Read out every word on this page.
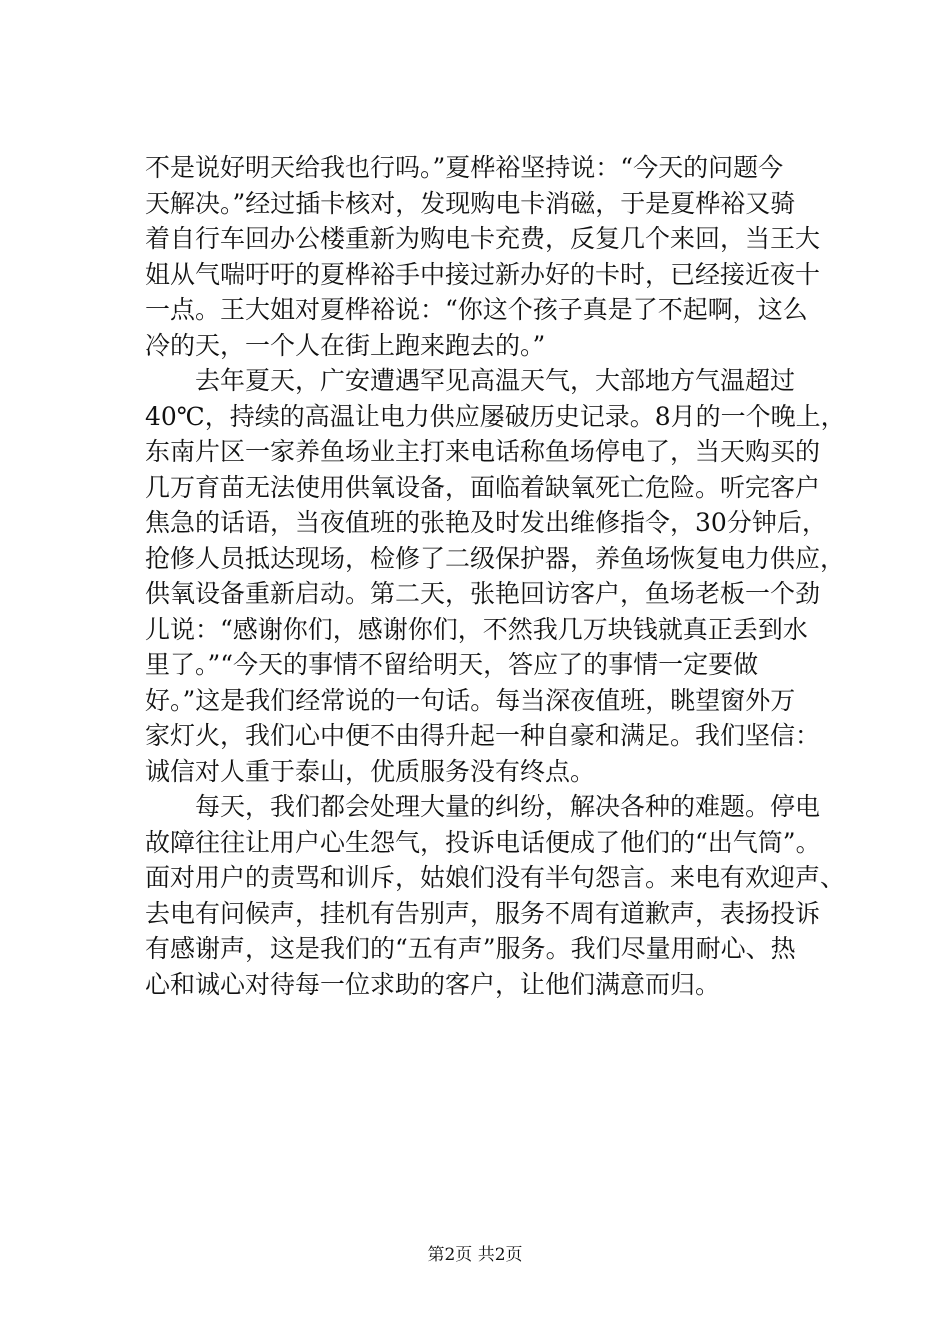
不是说好明天给我也行吗。”夏桦裕坚持说：“今天的问题今
天解决。”经过插卡核对，发现购电卡消磁，于是夏桦裕又骑
着自行车回办公楼重新为购电卡充费，反复几个来回，当王大
姐从气喘吁吁的夏桦裕手中接过新办好的卡时，已经接近夜十
一点。王大姐对夏桦裕说：“你这个孩子真是了不起啊，这么
冷的天，一个人在街上跑来跑去的。”
　　去年夏天，广安遭遇罕见高温天气，大部地方气温超过
40℃，持续的高温让电力供应屡破历史记录。8月的一个晚上，
东南片区一家养鱼场业主打来电话称鱼场停电了，当天购买的
几万育苗无法使用供氧设备，面临着缺氧死亡危险。听完客户
焦急的话语，当夜值班的张艳及时发出维修指令，30分钟后，
抢修人员抵达现场，检修了二级保护器，养鱼场恢复电力供应，
供氧设备重新启动。第二天，张艳回访客户，鱼场老板一个劲
儿说：“感谢你们，感谢你们，不然我几万块钱就真正丢到水
里了。”“今天的事情不留给明天，答应了的事情一定要做
好。”这是我们经常说的一句话。每当深夜值班，眺望窗外万
家灯火，我们心中便不由得升起一种自豪和满足。我们坚信：
诚信对人重于泰山，优质服务没有终点。
　　每天，我们都会处理大量的纠纷，解决各种的难题。停电
故障往往让用户心生怨气，投诉电话便成了他们的“出气筒”。
面对用户的责骂和训斥，姑娘们没有半句怨言。来电有欢迎声、
去电有问候声，挂机有告别声，服务不周有道歉声，表扬投诉
有感谢声，这是我们的“五有声”服务。我们尽量用耐心、热
心和诚心对待每一位求助的客户，让他们满意而归。
第2页 共2页
